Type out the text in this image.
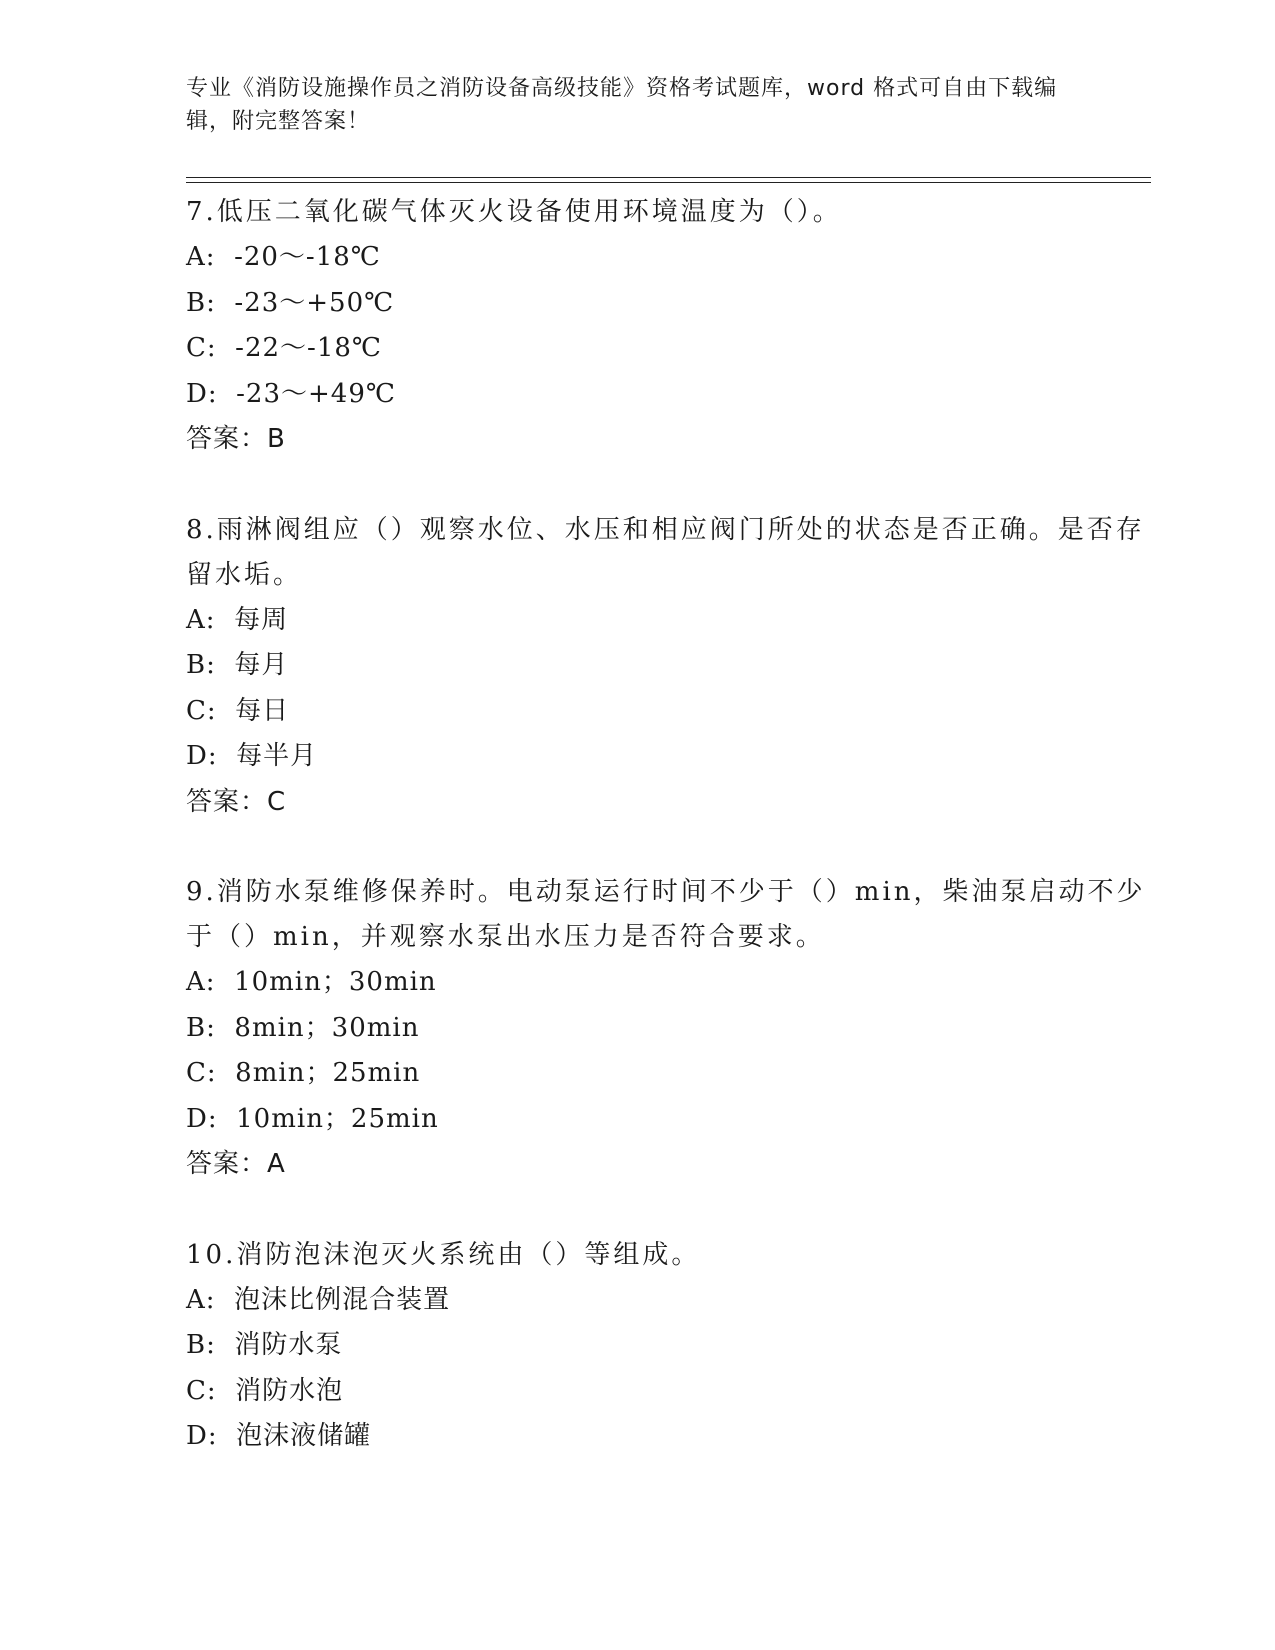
专业《消防设施操作员之消防设备高级技能》资格考试题库，word 格式可自由下载编辑，附完整答案！

7.低压二氧化碳气体灭火设备使用环境温度为（）。

A:  -20～-18℃
B:  -23～+50℃
C:  -22～-18℃
D:  -23～+49℃
答案：B

8.雨淋阀组应（）观察水位、水压和相应阀门所处的状态是否正确。是否存留水垢。

A:  每周
B:  每月
C:  每日
D:  每半月
答案：C

9.消防水泵维修保养时。电动泵运行时间不少于（）min，柴油泵启动不少于（）min，并观察水泵出水压力是否符合要求。

A:  10min；30min
B:  8min；30min
C:  8min；25min
D:  10min；25min
答案：A

10.消防泡沫泡灭火系统由（）等组成。

A:  泡沫比例混合装置
B:  消防水泵
C:  消防水泡
D:  泡沫液储罐
